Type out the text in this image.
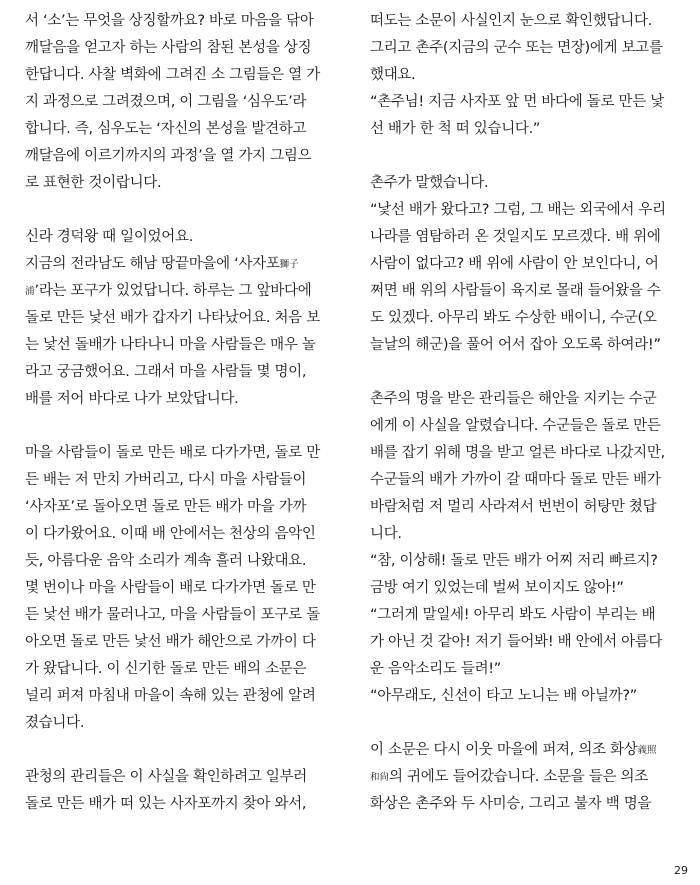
서 ‘소’는 무엇을 상징할까요? 바로 마음을 닦아
깨달음을 얻고자 하는 사람의 참된 본성을 상징
한답니다. 사찰 벽화에 그려진 소 그림들은 열 가
지 과정으로 그려졌으며, 이 그림을 ‘심우도’라
합니다. 즉, 심우도는 ‘자신의 본성을 발견하고
깨달음에 이르기까지의 과정’을 열 가지 그림으
로 표현한 것이랍니다.
신라 경덕왕 때 일이었어요.
지금의 전라남도 해남 땅끝마을에 ‘사자포獅子
浦’라는 포구가 있었답니다. 하루는 그 앞바다에
돌로 만든 낯선 배가 갑자기 나타났어요. 처음 보
는 낯선 돌배가 나타나니 마을 사람들은 매우 놀
라고 궁금했어요. 그래서 마을 사람들 몇 명이,
배를 저어 바다로 나가 보았답니다.
마을 사람들이 돌로 만든 배로 다가가면, 돌로 만
든 배는 저 만치 가버리고, 다시 마을 사람들이
‘사자포’로 돌아오면 돌로 만든 배가 마을 가까
이 다가왔어요. 이때 배 안에서는 천상의 음악인
듯, 아름다운 음악 소리가 계속 흘러 나왔대요.
몇 번이나 마을 사람들이 배로 다가가면 돌로 만
든 낯선 배가 물러나고, 마을 사람들이 포구로 돌
아오면 돌로 만든 낯선 배가 해안으로 가까이 다
가 왔답니다. 이 신기한 돌로 만든 배의 소문은
널리 퍼져 마침내 마을이 속해 있는 관청에 알려
졌습니다.
관청의 관리들은 이 사실을 확인하려고 일부러
돌로 만든 배가 떠 있는 사자포까지 찾아 와서,
떠도는 소문이 사실인지 눈으로 확인했답니다.
그리고 촌주(지금의 군수 또는 면장)에게 보고를
했대요.
“촌주님! 지금 사자포 앞 먼 바다에 돌로 만든 낯
선 배가 한 척 떠 있습니다.”
촌주가 말했습니다.
“낯선 배가 왔다고? 그럼, 그 배는 외국에서 우리
나라를 염탐하러 온 것일지도 모르겠다. 배 위에
사람이 없다고? 배 위에 사람이 안 보인다니, 어
쩌면 배 위의 사람들이 육지로 몰래 들어왔을 수
도 있겠다. 아무리 봐도 수상한 배이니, 수군(오
늘날의 해군)을 풀어 어서 잡아 오도록 하여라!”
촌주의 명을 받은 관리들은 해안을 지키는 수군
에게 이 사실을 알렸습니다. 수군들은 돌로 만든
배를 잡기 위해 명을 받고 얼른 바다로 나갔지만,
수군들의 배가 가까이 갈 때마다 돌로 만든 배가
바람처럼 저 멀리 사라져서 번번이 허탕만 쳤답
니다.
“참, 이상해! 돌로 만든 배가 어찌 저리 빠르지?
금방 여기 있었는데 벌써 보이지도 않아!”
“그러게 말일세! 아무리 봐도 사람이 부리는 배
가 아닌 것 같아! 저기 들어봐! 배 안에서 아름다
운 음악소리도 들려!”
“아무래도, 신선이 타고 노니는 배 아닐까?”
이 소문은 다시 이웃 마을에 퍼져, 의조 화상義照
和尙의 귀에도 들어갔습니다. 소문을 들은 의조
화상은 촌주와 두 사미승, 그리고 불자 백 명을
29
